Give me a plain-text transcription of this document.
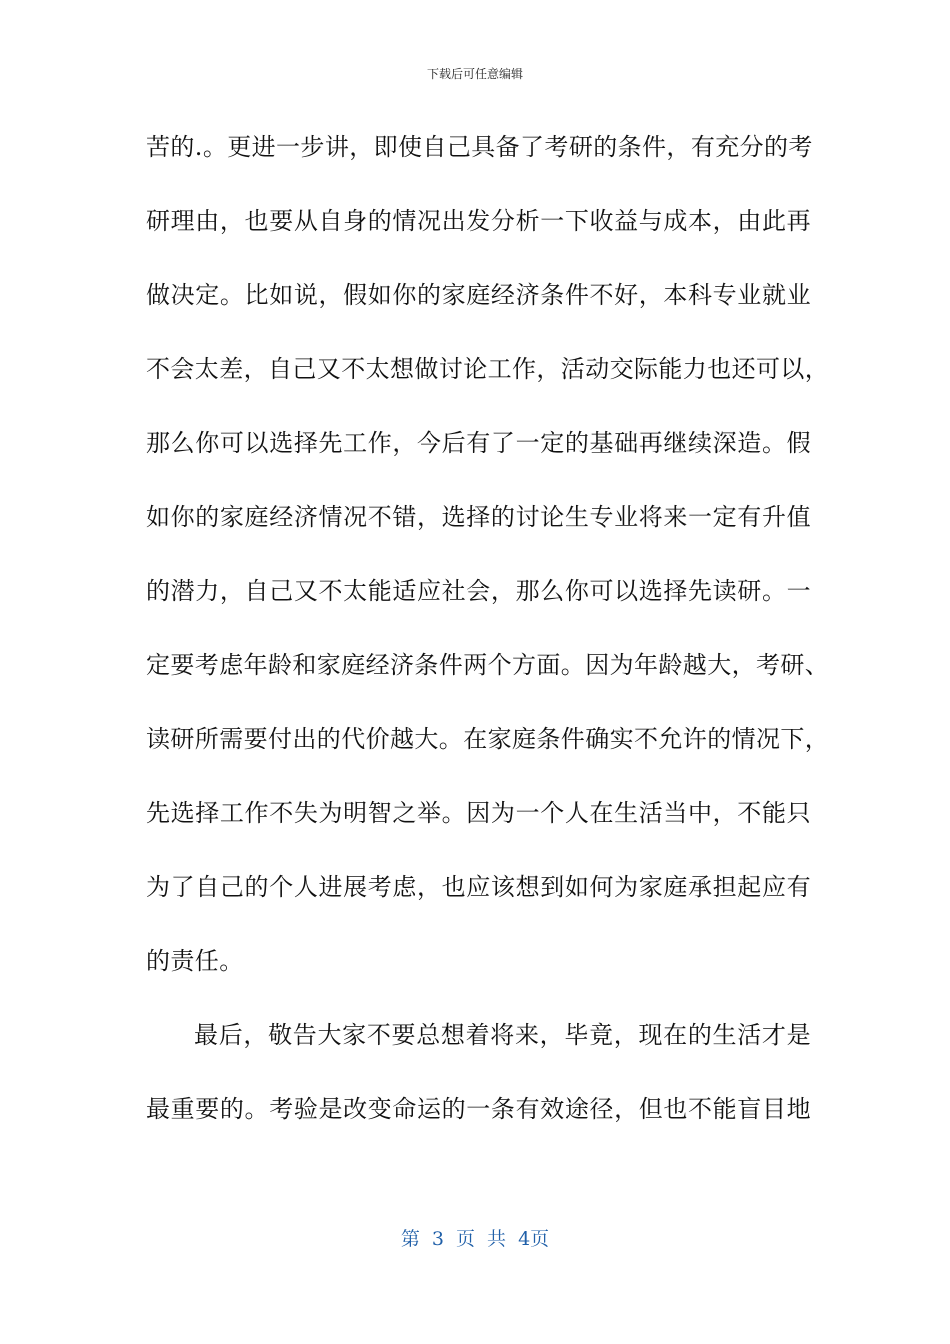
下载后可任意编辑
苦的.。更进一步讲，即使自己具备了考研的条件，有充分的考
研理由，也要从自身的情况出发分析一下收益与成本，由此再
做决定。比如说，假如你的家庭经济条件不好，本科专业就业
不会太差，自己又不太想做讨论工作，活动交际能力也还可以，
那么你可以选择先工作，今后有了一定的基础再继续深造。假
如你的家庭经济情况不错，选择的讨论生专业将来一定有升值
的潜力，自己又不太能适应社会，那么你可以选择先读研。一
定要考虑年龄和家庭经济条件两个方面。因为年龄越大，考研、
读研所需要付出的代价越大。在家庭条件确实不允许的情况下，
先选择工作不失为明智之举。因为一个人在生活当中，不能只
为了自己的个人进展考虑，也应该想到如何为家庭承担起应有
的责任。
最后，敬告大家不要总想着将来，毕竟，现在的生活才是
最重要的。考验是改变命运的一条有效途径，但也不能盲目地
第 3 页 共 4页
